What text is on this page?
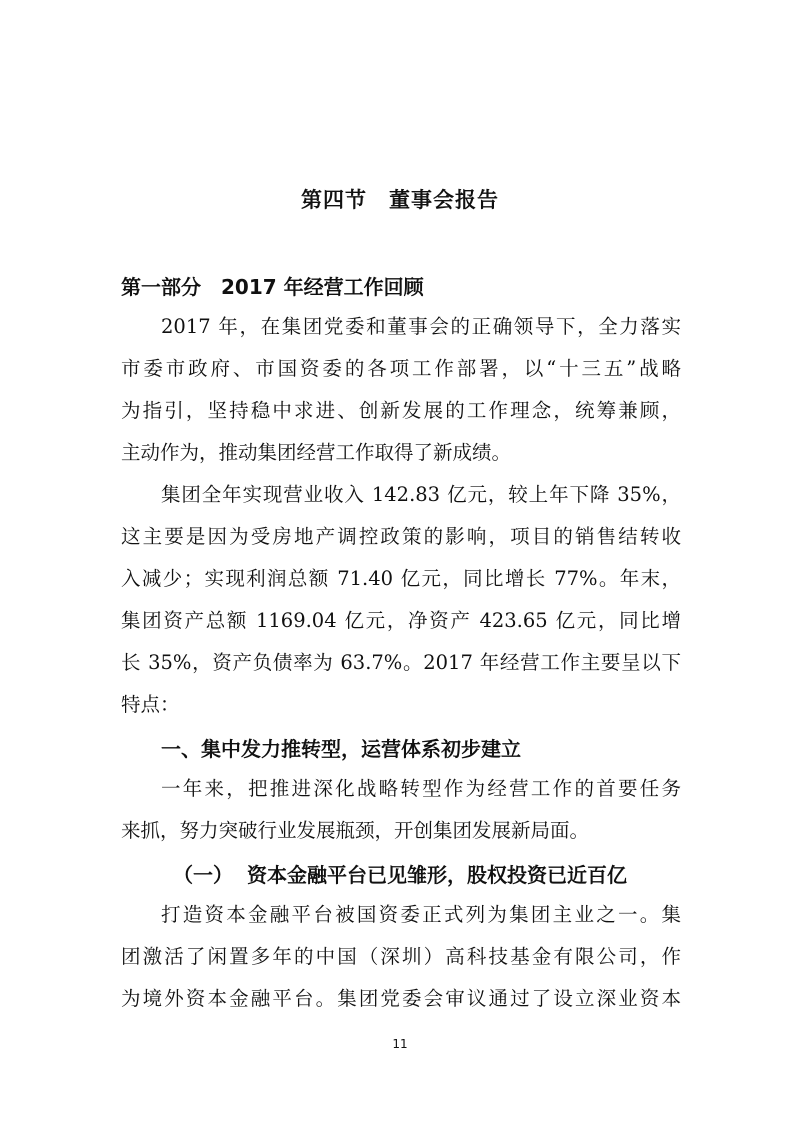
第四节　董事会报告
第一部分　2017 年经营工作回顾
2017 年，在集团党委和董事会的正确领导下，全力落实
市委市政府、市国资委的各项工作部署，以“十三五”战略
为指引，坚持稳中求进、创新发展的工作理念，统筹兼顾，
主动作为，推动集团经营工作取得了新成绩。
集团全年实现营业收入 142.83 亿元，较上年下降 35%，
这主要是因为受房地产调控政策的影响，项目的销售结转收
入减少；实现利润总额 71.40 亿元，同比增长 77%。年末，
集团资产总额 1169.04 亿元，净资产 423.65 亿元，同比增
长 35%，资产负债率为 63.7%。2017 年经营工作主要呈以下
特点：
一、集中发力推转型，运营体系初步建立
一年来，把推进深化战略转型作为经营工作的首要任务
来抓，努力突破行业发展瓶颈，开创集团发展新局面。
（一）  资本金融平台已见雏形，股权投资已近百亿
打造资本金融平台被国资委正式列为集团主业之一。集
团激活了闲置多年的中国（深圳）高科技基金有限公司，作
为境外资本金融平台。集团党委会审议通过了设立深业资本
11
